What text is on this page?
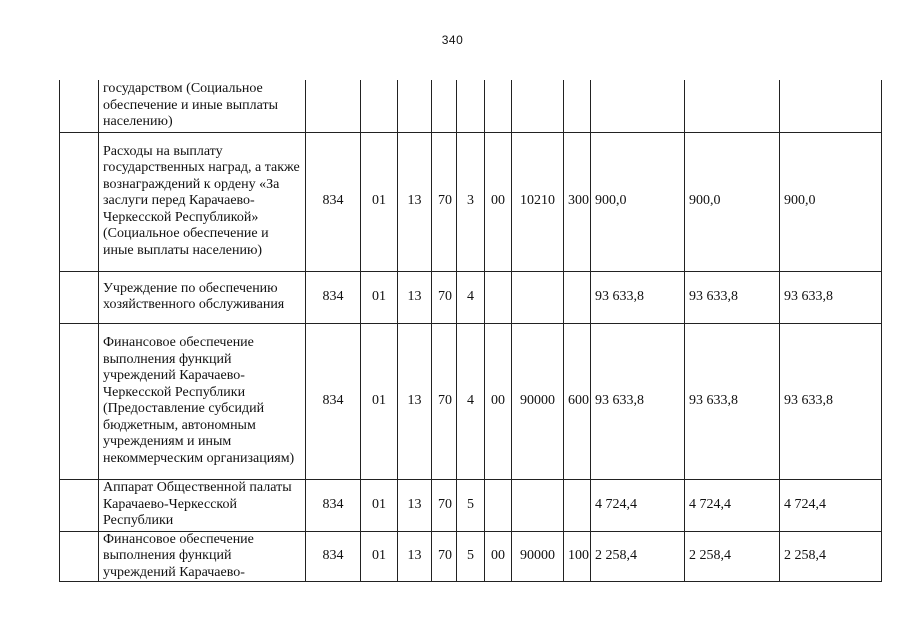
340
	государством (Социальное обеспечение и иные выплаты населению)											
	Расходы на выплату государственных наград, а также вознаграждений к ордену «За заслуги перед Карачаево-Черкесской Республикой» (Социальное обеспечение и иные выплаты населению)	834	01	13	70	3	00	10210	300	900,0	900,0	900,0
	Учреждение по обеспечению хозяйственного обслуживания	834	01	13	70	4				93 633,8	93 633,8	93 633,8
	Финансовое обеспечение выполнения функций учреждений Карачаево-Черкесской Республики (Предоставление субсидий бюджетным, автономным учреждениям и иным некоммерческим организациям)	834	01	13	70	4	00	90000	600	93 633,8	93 633,8	93 633,8
	Аппарат Общественной палаты Карачаево-Черкесской Республики	834	01	13	70	5				4 724,4	4 724,4	4 724,4
	Финансовое обеспечение выполнения функций учреждений Карачаево-	834	01	13	70	5	00	90000	100	2 258,4	2 258,4	2 258,4
